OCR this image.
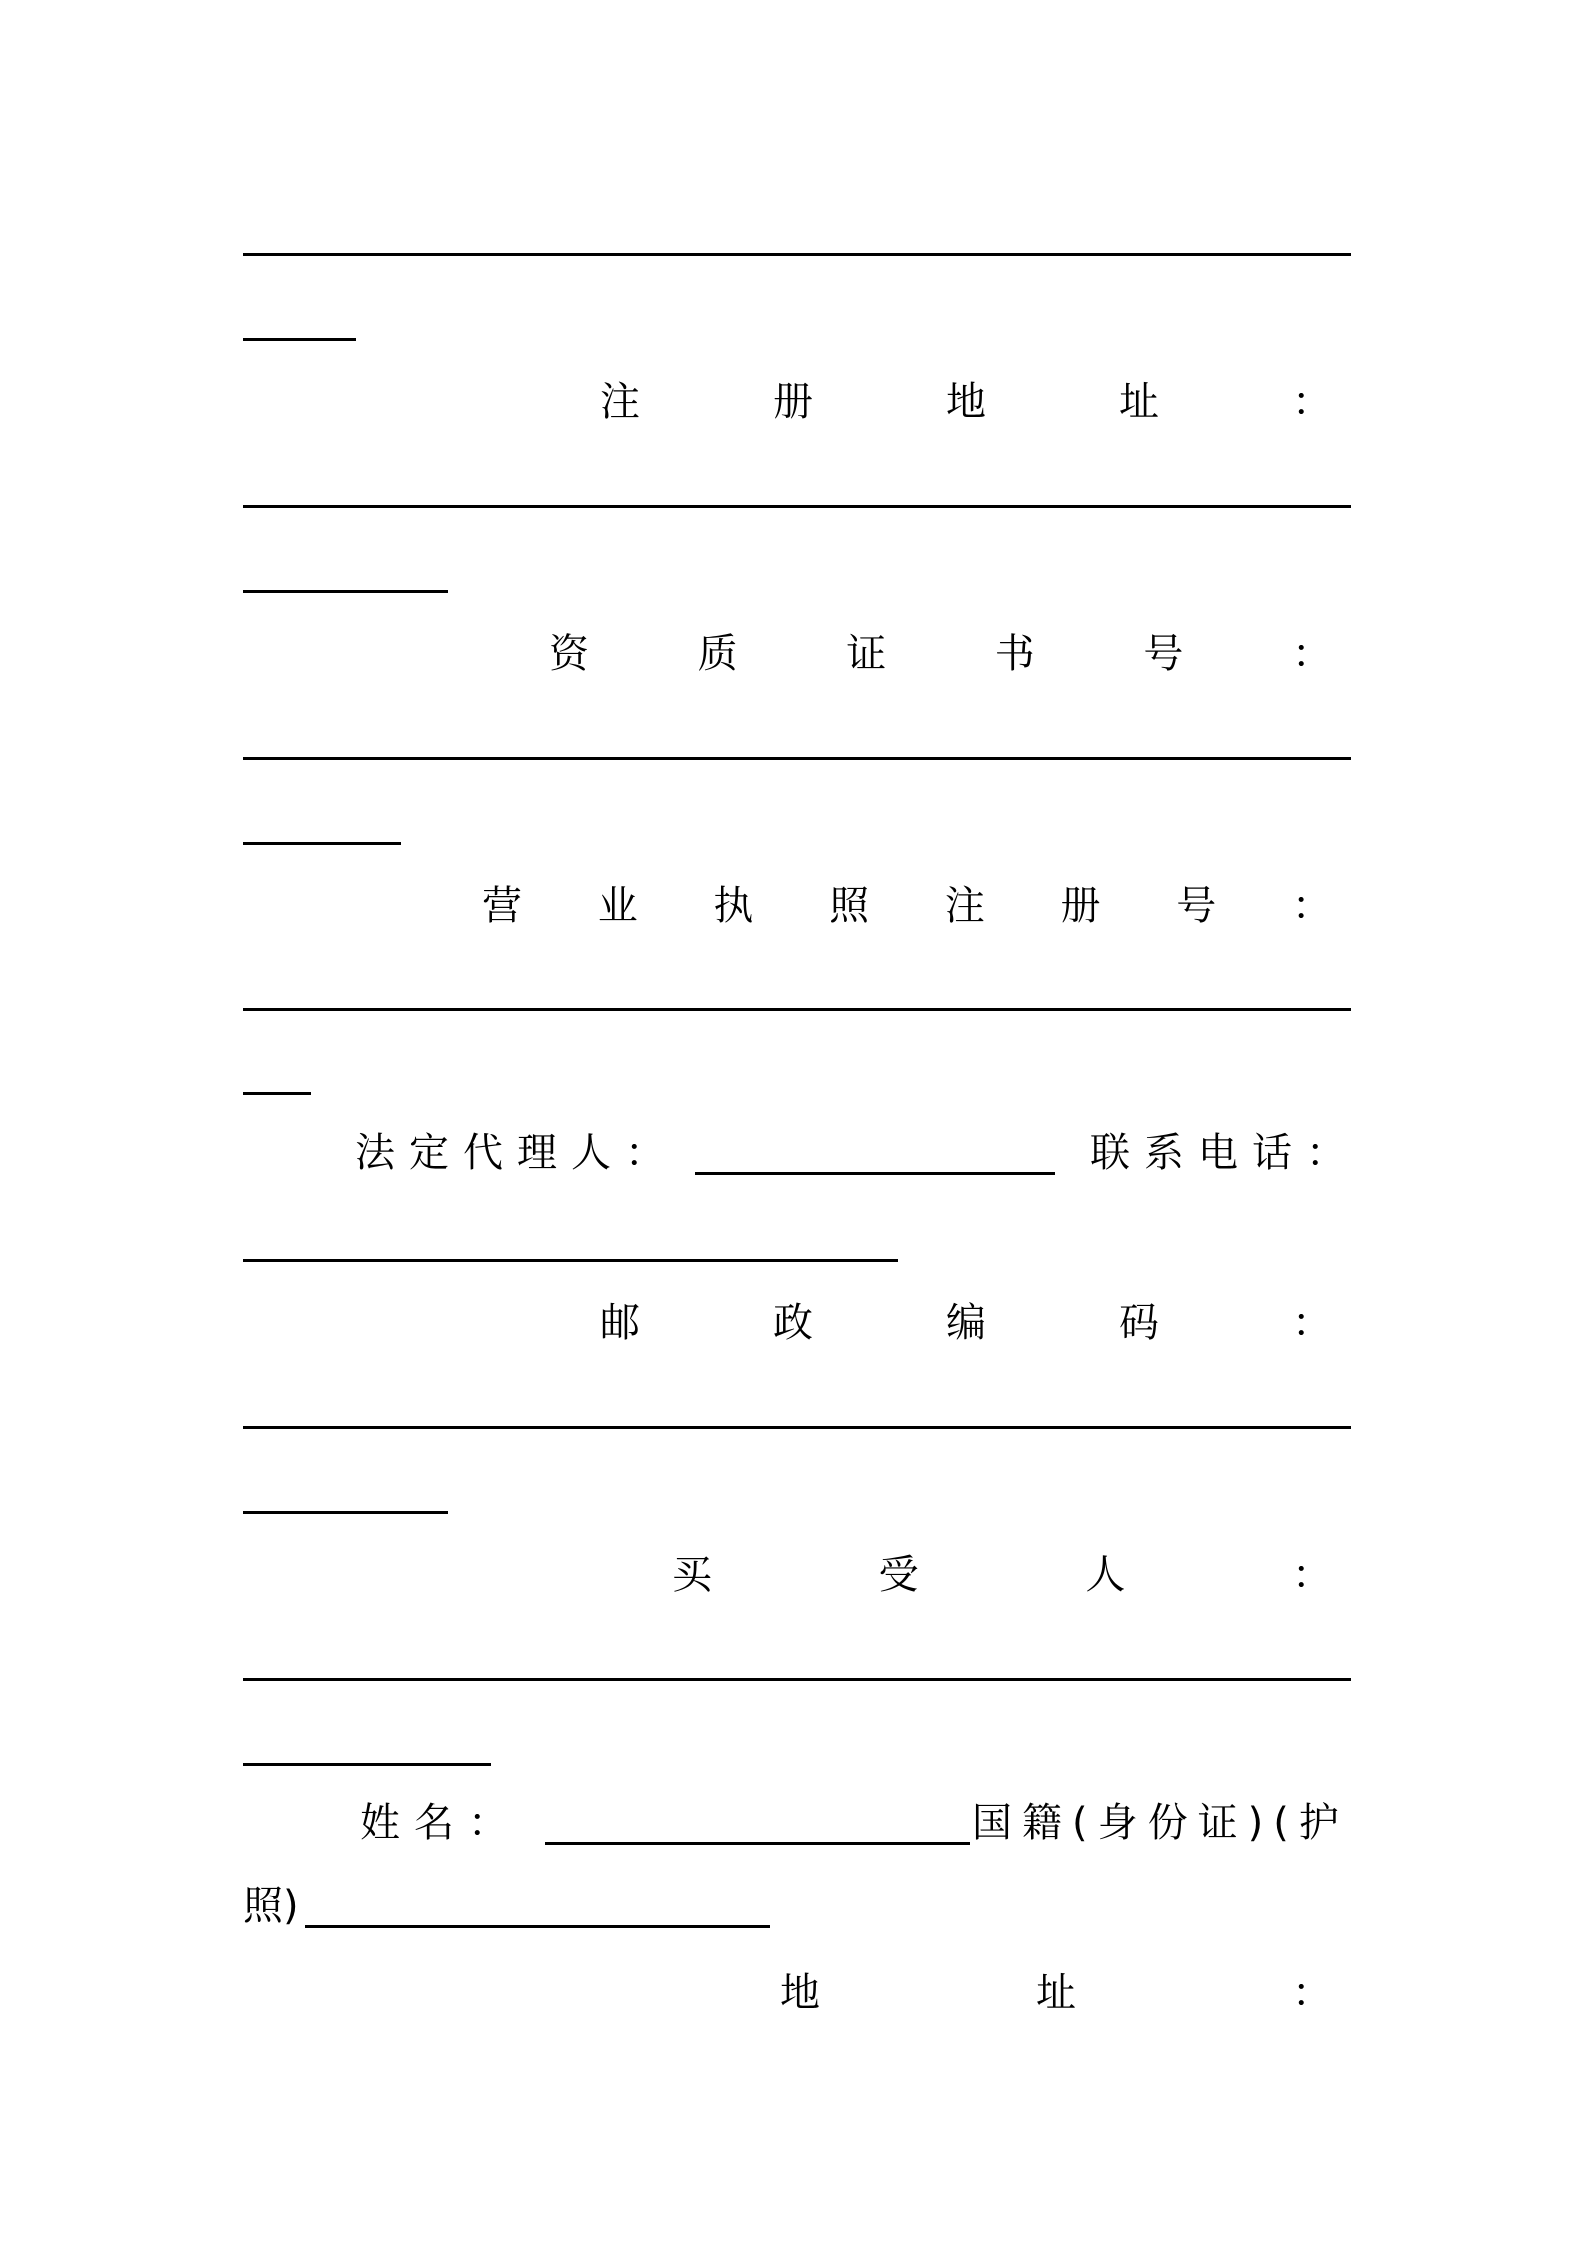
注	册	地	址	：
资	质	证	书	号	：
营 业 执 照 注 册 号 ：
法定代理人：	联系电话：
邮	政	编	码	：
买	受	人	：
姓名：	国籍(身份证)(护
照)
地	址	：
